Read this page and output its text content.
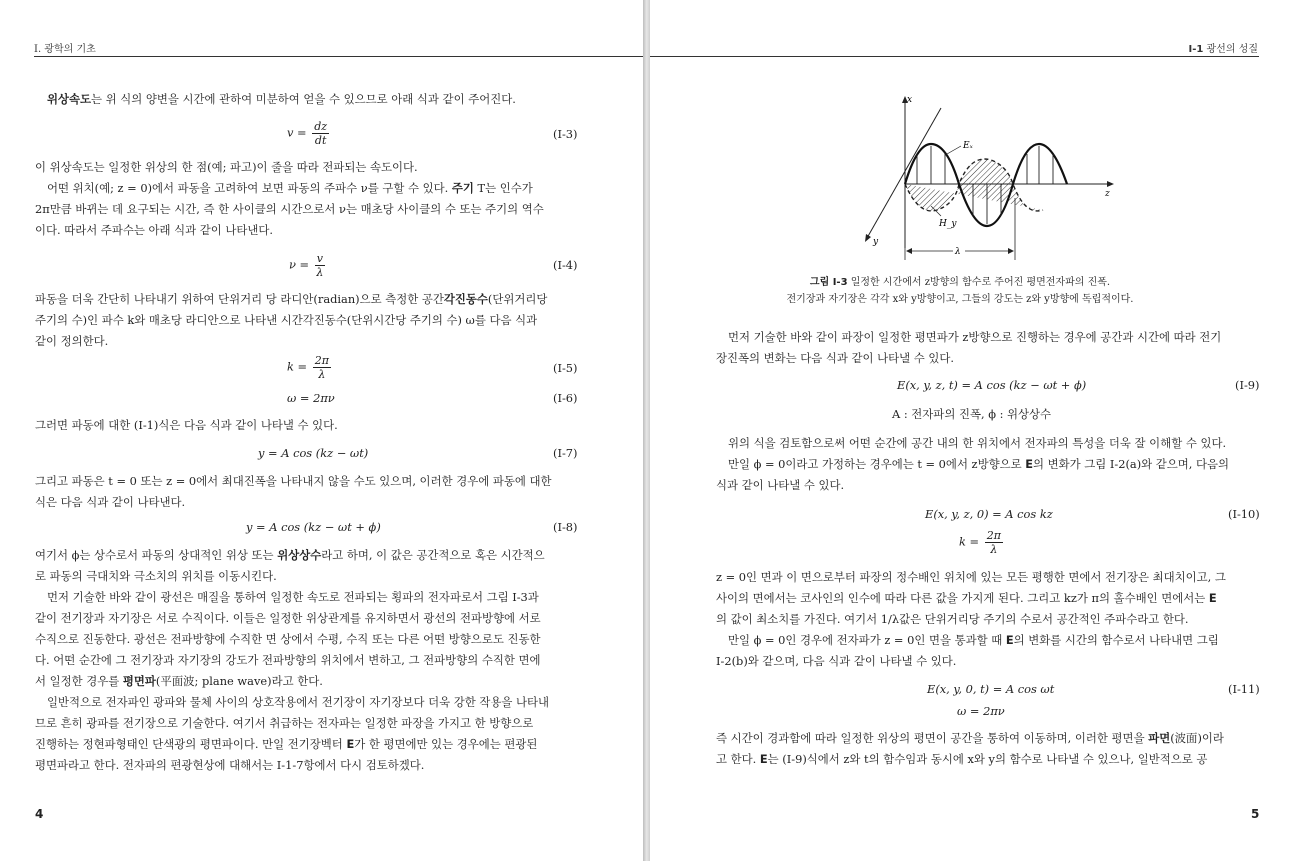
I. 광학의 기초

위상속도는 위 식의 양변을 시간에 관하여 미분하여 얻을 수 있으므로 아래 식과 같이 주어진다.

$v = \frac{dz}{dt}$	(I-3)

이 위상속도는 일정한 위상의 한 점(예; 파고)이 줄을 따라 전파되는 속도이다.

어떤 위치(예; z = 0)에서 파동을 고려하여 보면 파동의 주파수 ν를 구할 수 있다. 주기 T는 인수가

2π만큼 바뀌는 데 요구되는 시간, 즉 한 사이클의 시간으로서 ν는 매초당 사이클의 수 또는 주기의 역수

이다. 따라서 주파수는 아래 식과 같이 나타낸다.

$\nu = \frac{v}{\lambda}$	(I-4)

파동을 더욱 간단히 나타내기 위하여 단위거리 당 라디안(radian)으로 측정한 공간각진동수(단위거리당

주기의 수)인 파수 k와 매초당 라디안으로 나타낸 시간각진동수(단위시간당 주기의 수) ω를 다음 식과

같이 정의한다.

$k = \frac{2\pi}{\lambda}$	(I-5)
ω = 2πν	(I-6)

그러면 파동에 대한 (I-1)식은 다음 식과 같이 나타낼 수 있다.

y = A cos (kz − ωt)	(I-7)

그리고 파동은 t = 0 또는 z = 0에서 최대진폭을 나타내지 않을 수도 있으며, 이러한 경우에 파동에 대한

식은 다음 식과 같이 나타낸다.

y = A cos (kz − ωt + ϕ)	(I-8)

여기서 ϕ는 상수로서 파동의 상대적인 위상 또는 위상상수라고 하며, 이 값은 공간적으로 혹은 시간적으

로 파동의 극대치와 극소치의 위치를 이동시킨다.

먼저 기술한 바와 같이 광선은 매질을 통하여 일정한 속도로 전파되는 횡파의 전자파로서 그림 I-3과

같이 전기장과 자기장은 서로 수직이다. 이들은 일정한 위상관계를 유지하면서 광선의 전파방향에 서로

수직으로 진동한다. 광선은 전파방향에 수직한 면 상에서 수평, 수직 또는 다른 어떤 방향으로도 진동한

다. 어떤 순간에 그 전기장과 자기장의 강도가 전파방향의 위치에서 변하고, 그 전파방향의 수직한 면에

서 일정한 경우를 평면파(平面波; plane wave)라고 한다.

일반적으로 전자파인 광파와 물체 사이의 상호작용에서 전기장이 자기장보다 더욱 강한 작용을 나타내

므로 흔히 광파를 전기장으로 기술한다. 여기서 취급하는 전자파는 일정한 파장을 가지고 한 방향으로

진행하는 정현파형태인 단색광의 평면파이다. 만일 전기장벡터 E가 한 평면에만 있는 경우에는 편광된

평면파라고 한다. 전자파의 편광현상에 대해서는 I-1-7항에서 다시 검토하겠다.

4
I-1 광선의 성질
x
z
y
Eₓ
H_y
λ
그림 I-3 일정한 시간에서 z방향의 함수로 주어진 평면전자파의 진폭.
전기장과 자기장은 각각 x와 y방향이고, 그들의 강도는 z와 y방향에 독립적이다.

먼저 기술한 바와 같이 파장이 일정한 평면파가 z방향으로 진행하는 경우에 공간과 시간에 따라 전기

장진폭의 변화는 다음 식과 같이 나타낼 수 있다.

E(x, y, z, t) = A cos (kz − ωt + ϕ)	(I-9)
A : 전자파의 진폭, ϕ : 위상상수

위의 식을 검토함으로써 어떤 순간에 공간 내의 한 위치에서 전자파의 특성을 더욱 잘 이해할 수 있다.

만일 ϕ = 0이라고 가정하는 경우에는 t = 0에서 z방향으로 E의 변화가 그림 I-2(a)와 같으며, 다음의

식과 같이 나타낼 수 있다.

E(x, y, z, 0) = A cos kz	(I-10)
$k = \frac{2\pi}{\lambda}$

z = 0인 면과 이 면으로부터 파장의 정수배인 위치에 있는 모든 평행한 면에서 전기장은 최대치이고, 그

사이의 면에서는 코사인의 인수에 따라 다른 값을 가지게 된다. 그리고 kz가 π의 홀수배인 면에서는 E

의 값이 최소치를 가진다. 여기서 1/λ값은 단위거리당 주기의 수로서 공간적인 주파수라고 한다.

만일 ϕ = 0인 경우에 전자파가 z = 0인 면을 통과할 때 E의 변화를 시간의 함수로서 나타내면 그림

I-2(b)와 같으며, 다음 식과 같이 나타낼 수 있다.

E(x, y, 0, t) = A cos ωt	(I-11)
ω = 2πν

즉 시간이 경과함에 따라 일정한 위상의 평면이 공간을 통하여 이동하며, 이러한 평면을 파면(波面)이라

고 한다. E는 (I-9)식에서 z와 t의 함수임과 동시에 x와 y의 함수로 나타낼 수 있으나, 일반적으로 공

5
